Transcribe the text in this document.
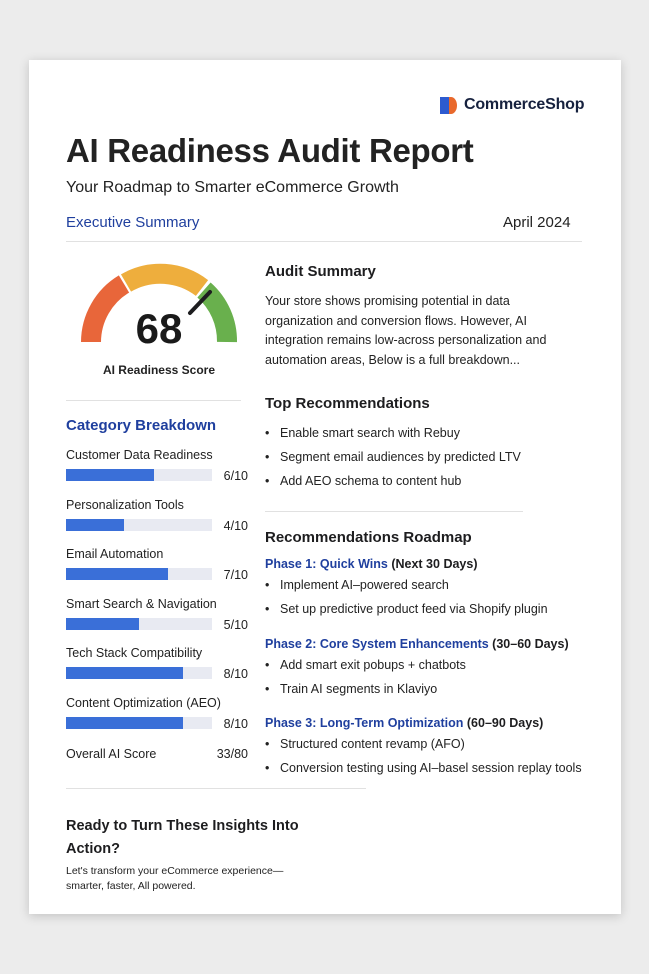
CommerceShop
AI Readiness Audit Report
Your Roadmap to Smarter eCommerce Growth
Executive Summary	April 2024
68
AI Readiness Score
Category Breakdown
Customer Data Readiness
6/10
Personalization Tools
4/10
Email Automation
7/10
Smart Search & Navigation
5/10
Tech Stack Compatibility
8/10
Content Optimization (AEO)
8/10
Overall AI Score	33/80
Audit Summary
Your store shows promising potential in data organization and conversion flows. However, AI integration remains low-across personalization and automation areas, Below is a full breakdown...
Top Recommendations
• Enable smart search with Rebuy
• Segment email audiences by predicted LTV
• Add AEO schema to content hub
Recommendations Roadmap
Phase 1: Quick Wins (Next 30 Days)
• Implement AI–powered search
• Set up predictive product feed via Shopify plugin
Phase 2: Core System Enhancements (30–60 Days)
• Add smart exit pobups + chatbots
• Train AI segments in Klaviyo
Phase 3: Long-Term Optimization (60–90 Days)
• Structured content revamp (AFO)
• Conversion testing using AI–basel session replay tools
Ready to Turn These Insights Into Action?
Let's transform your eCommerce experience— smarter, faster, All powered.
